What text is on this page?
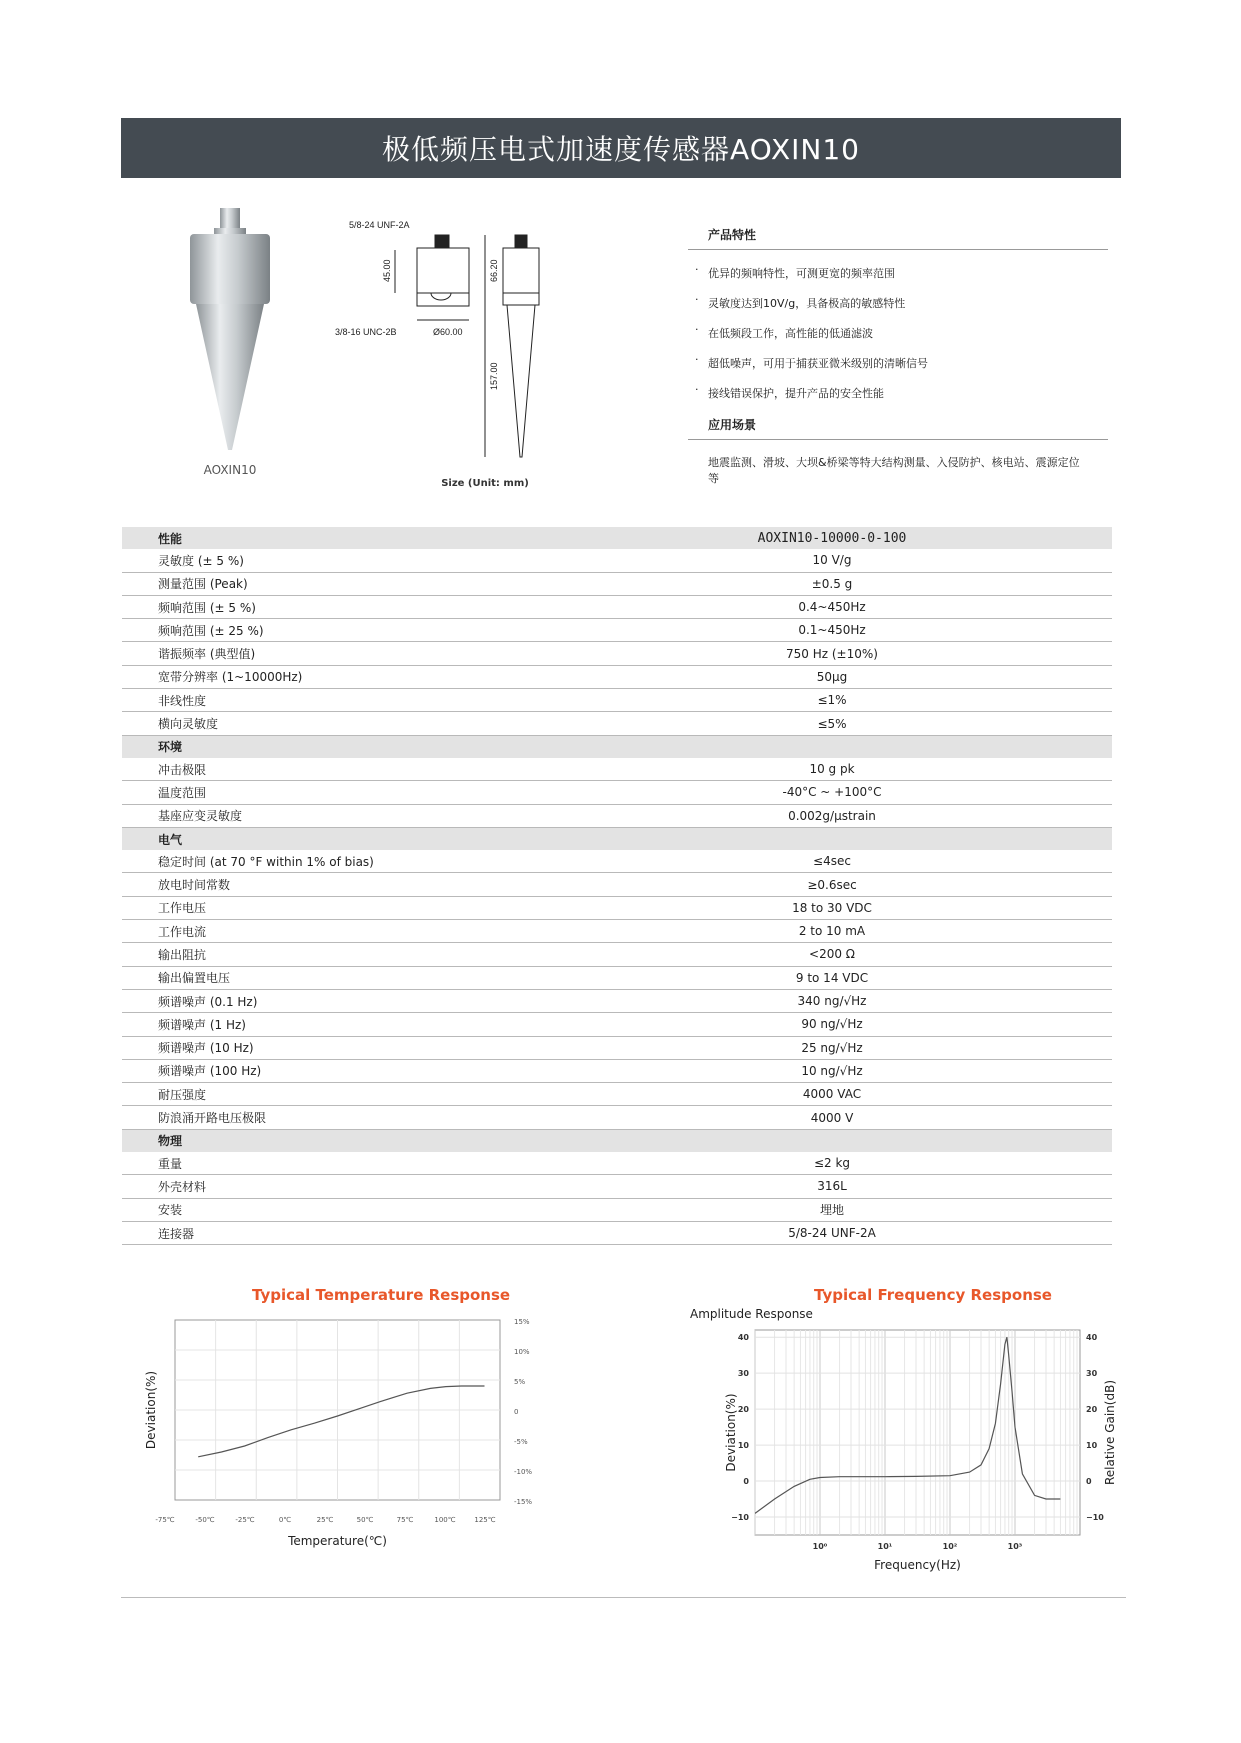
极低频压电式加速度传感器AOXIN10
AOXIN10
5/8-24 UNF-2A
3/8-16 UNC-2B
45.00	66.20
157.00
Ø60.00
Size (Unit: mm)
产品特性
· 优异的频响特性，可测更宽的频率范围
· 灵敏度达到10V/g，具备极高的敏感特性
· 在低频段工作，高性能的低通滤波
· 超低噪声，可用于捕获亚微米级别的清晰信号
· 接线错误保护，提升产品的安全性能
应用场景
地震监测、滑坡、大坝&桥梁等特大结构测量、入侵防护、核电站、震源定位等
性能	AOXIN10-10000-0-100
灵敏度 (± 5 %)	10 V/g
测量范围 (Peak)	±0.5 g
频响范围 (± 5 %)	0.4~450Hz
频响范围 (± 25 %)	0.1~450Hz
谐振频率 (典型值)	750 Hz (±10%)
宽带分辨率 (1~10000Hz)	50μg
非线性度	≤1%
横向灵敏度	≤5%
环境	
冲击极限	10 g pk
温度范围	-40°C ~ +100°C
基座应变灵敏度	0.002g/μstrain
电气	
稳定时间 (at 70 °F within 1% of bias)	≤4sec
放电时间常数	≥0.6sec
工作电压	18 to 30 VDC
工作电流	2 to 10 mA
输出阻抗	<200 Ω
输出偏置电压	9 to 14 VDC
频谱噪声 (0.1 Hz)	340 ng/√Hz
频谱噪声 (1 Hz)	90 ng/√Hz
频谱噪声 (10 Hz)	25 ng/√Hz
频谱噪声 (100 Hz)	10 ng/√Hz
耐压强度	4000 VAC
防浪涌开路电压极限	4000 V
物理	
重量	≤2 kg
外壳材料	316L
安装	埋地
连接器	5/8-24 UNF-2A
Typical Temperature Response
-75℃	-50℃	-25℃	0℃	25℃	50℃	75℃	100℃	125℃
15%
10%
5%
0
-5%
-10%
-15%
Temperature(℃)
Deviation(%)
Typical Frequency Response
Amplitude Response
10⁰	10¹	10²	10³
40	40
30	30
20	20
10	10
0	0
−10	−10
Frequency(Hz)
Deviation(%)	Relative Gain(dB)
